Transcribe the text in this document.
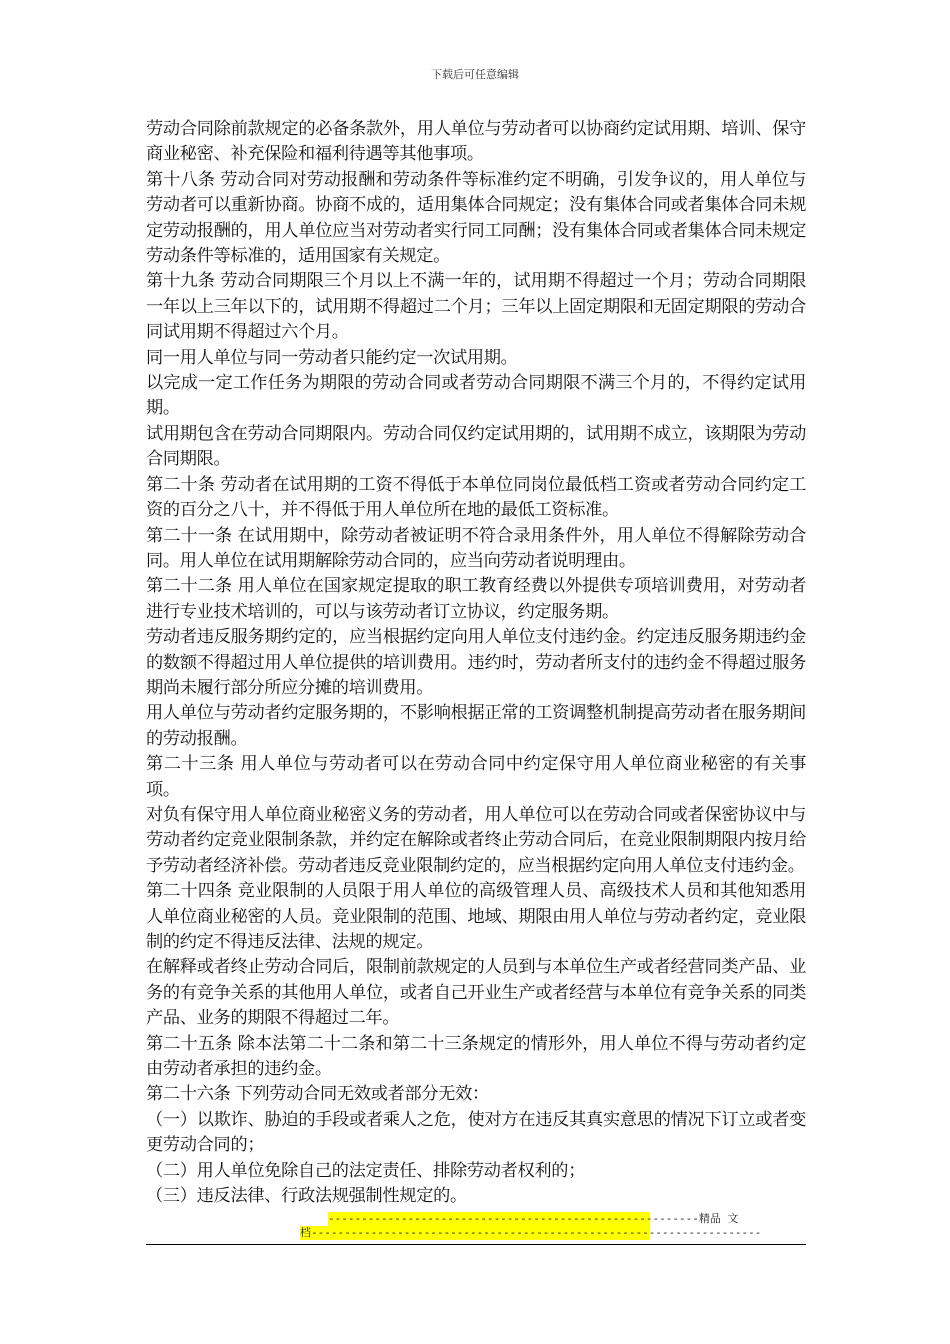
下载后可任意编辑

劳动合同除前款规定的必备条款外，用人单位与劳动者可以协商约定试用期、培训、保守商业秘密、补充保险和福利待遇等其他事项。

第十八条 劳动合同对劳动报酬和劳动条件等标准约定不明确，引发争议的，用人单位与劳动者可以重新协商。协商不成的，适用集体合同规定；没有集体合同或者集体合同未规定劳动报酬的，用人单位应当对劳动者实行同工同酬；没有集体合同或者集体合同未规定劳动条件等标准的，适用国家有关规定。

第十九条 劳动合同期限三个月以上不满一年的，试用期不得超过一个月；劳动合同期限一年以上三年以下的，试用期不得超过二个月；三年以上固定期限和无固定期限的劳动合同试用期不得超过六个月。

同一用人单位与同一劳动者只能约定一次试用期。

以完成一定工作任务为期限的劳动合同或者劳动合同期限不满三个月的，不得约定试用期。

试用期包含在劳动合同期限内。劳动合同仅约定试用期的，试用期不成立，该期限为劳动合同期限。

第二十条 劳动者在试用期的工资不得低于本单位同岗位最低档工资或者劳动合同约定工资的百分之八十，并不得低于用人单位所在地的最低工资标准。

第二十一条 在试用期中，除劳动者被证明不符合录用条件外，用人单位不得解除劳动合同。用人单位在试用期解除劳动合同的，应当向劳动者说明理由。

第二十二条 用人单位在国家规定提取的职工教育经费以外提供专项培训费用，对劳动者进行专业技术培训的，可以与该劳动者订立协议，约定服务期。

劳动者违反服务期约定的，应当根据约定向用人单位支付违约金。约定违反服务期违约金的数额不得超过用人单位提供的培训费用。违约时，劳动者所支付的违约金不得超过服务期尚未履行部分所应分摊的培训费用。

用人单位与劳动者约定服务期的，不影响根据正常的工资调整机制提高劳动者在服务期间的劳动报酬。

第二十三条 用人单位与劳动者可以在劳动合同中约定保守用人单位商业秘密的有关事项。

对负有保守用人单位商业秘密义务的劳动者，用人单位可以在劳动合同或者保密协议中与劳动者约定竞业限制条款，并约定在解除或者终止劳动合同后，在竞业限制期限内按月给予劳动者经济补偿。劳动者违反竞业限制约定的，应当根据约定向用人单位支付违约金。

第二十四条 竞业限制的人员限于用人单位的高级管理人员、高级技术人员和其他知悉用人单位商业秘密的人员。竞业限制的范围、地域、期限由用人单位与劳动者约定，竞业限制的约定不得违反法律、法规的规定。

在解释或者终止劳动合同后，限制前款规定的人员到与本单位生产或者经营同类产品、业务的有竞争关系的其他用人单位，或者自己开业生产或者经营与本单位有竞争关系的同类产品、业务的期限不得超过二年。

第二十五条 除本法第二十二条和第二十三条规定的情形外，用人单位不得与劳动者约定由劳动者承担的违约金。

第二十六条 下列劳动合同无效或者部分无效：

（一）以欺诈、胁迫的手段或者乘人之危，使对方在违反其真实意思的情况下订立或者变更劳动合同的；

（二）用人单位免除自己的法定责任、排除劳动者权利的；

（三）违反法律、行政法规强制性规定的。

--------------------------------------------------------精品 文
档--------------------------------------------------------------------
